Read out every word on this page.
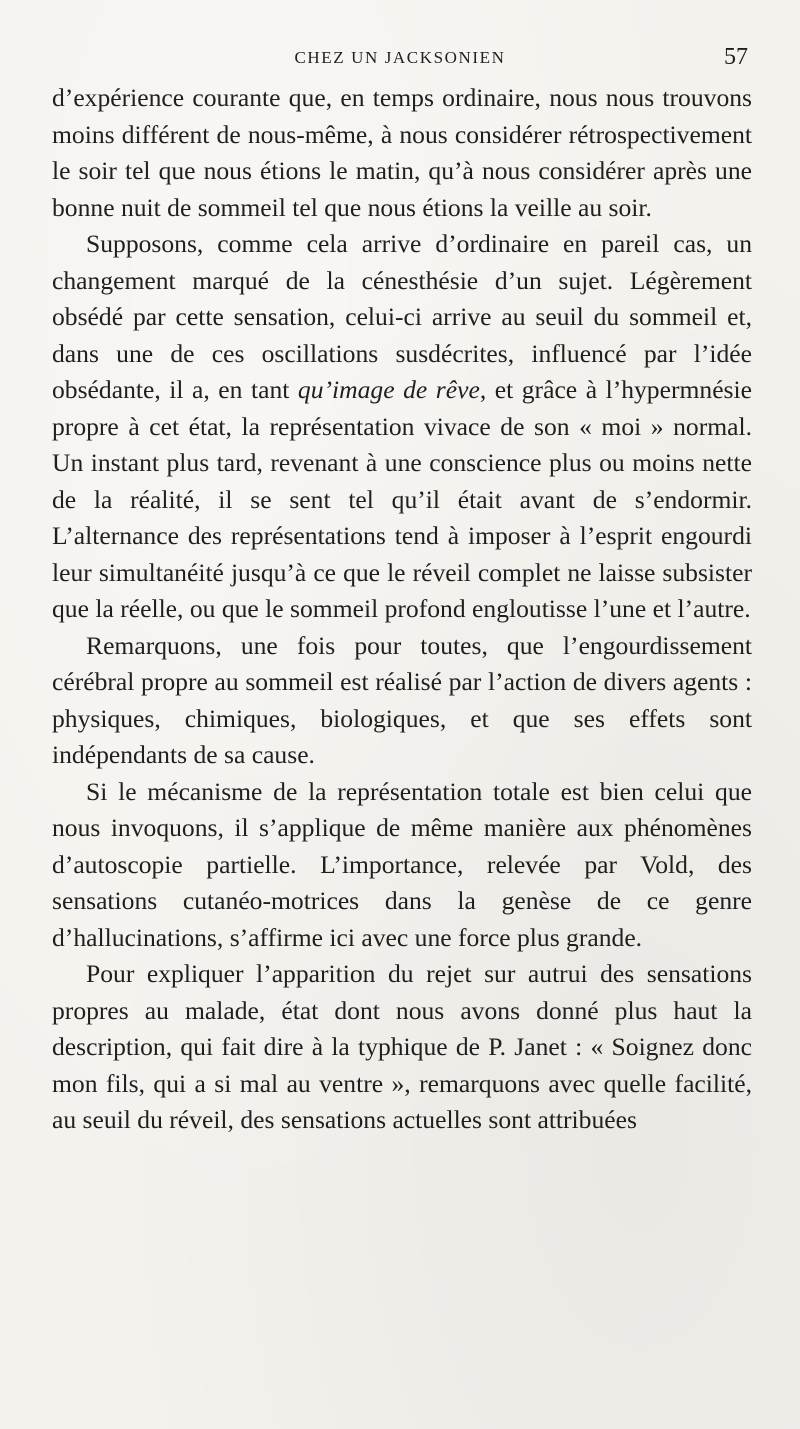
CHEZ UN JACKSONIEN	57

d’expérience courante que, en temps ordinaire, nous nous trouvons moins différent de nous-même, à nous considérer rétrospectivement le soir tel que nous étions le matin, qu’à nous considérer après une bonne nuit de sommeil tel que nous étions la veille au soir.

Supposons, comme cela arrive d’ordinaire en pareil cas, un changement marqué de la cénesthésie d’un sujet. Légèrement obsédé par cette sensation, celui-ci arrive au seuil du sommeil et, dans une de ces oscillations susdécrites, influencé par l’idée obsédante, il a, en tant qu’image de rêve, et grâce à l’hypermnésie propre à cet état, la représentation vivace de son « moi » normal. Un instant plus tard, revenant à une conscience plus ou moins nette de la réalité, il se sent tel qu’il était avant de s’endormir. L’alternance des représentations tend à imposer à l’esprit engourdi leur simultanéité jusqu’à ce que le réveil complet ne laisse subsister que la réelle, ou que le sommeil profond engloutisse l’une et l’autre.

Remarquons, une fois pour toutes, que l’engourdissement cérébral propre au sommeil est réalisé par l’action de divers agents : physiques, chimiques, biologiques, et que ses effets sont indépendants de sa cause.

Si le mécanisme de la représentation totale est bien celui que nous invoquons, il s’applique de même manière aux phénomènes d’autoscopie partielle. L’importance, relevée par Vold, des sensations cutanéo-motrices dans la genèse de ce genre d’hallucinations, s’affirme ici avec une force plus grande.

Pour expliquer l’apparition du rejet sur autrui des sensations propres au malade, état dont nous avons donné plus haut la description, qui fait dire à la typhique de P. Janet : « Soignez donc mon fils, qui a si mal au ventre », remarquons avec quelle facilité, au seuil du réveil, des sensations actuelles sont attribuées
